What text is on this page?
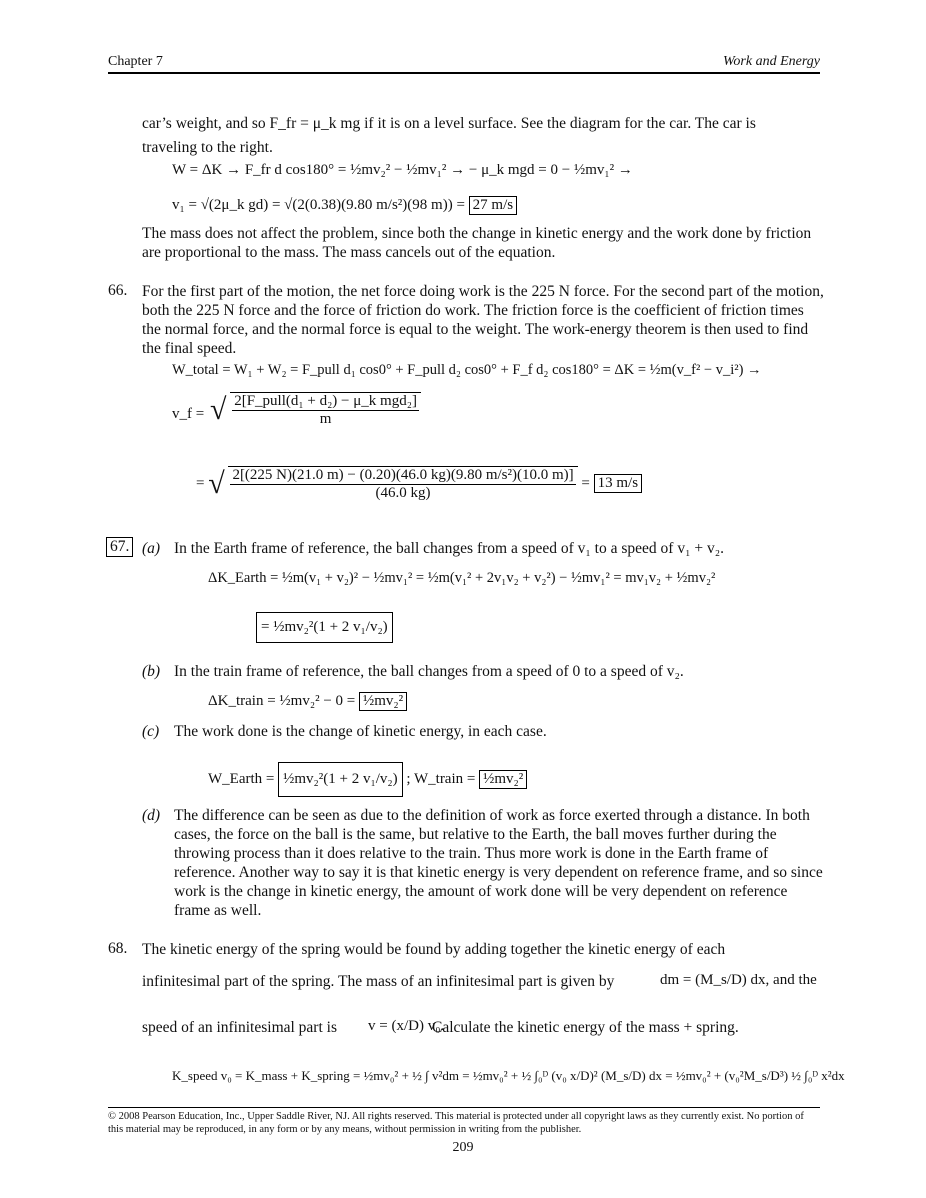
Chapter 7	Work and Energy
car’s weight, and so F_fr = μ_k mg if it is on a level surface. See the diagram for the car. The car is
traveling to the right.
W = ΔK → F_fr d cos180° = ½mv₂² − ½mv₁² → − μ_k mgd = 0 − ½mv₁² →
v₁ = √(2μ_k gd) = √(2(0.38)(9.80 m/s²)(98 m)) = 27 m/s
The mass does not affect the problem, since both the change in kinetic energy and the work done by friction are proportional to the mass. The mass cancels out of the equation.
66. For the first part of the motion, the net force doing work is the 225 N force. For the second part of the motion, both the 225 N force and the force of friction do work. The friction force is the coefficient of friction times the normal force, and the normal force is equal to the weight. The work-energy theorem is then used to find the final speed.
W_total = W₁ + W₂ = F_pull d₁ cos0° + F_pull d₂ cos0° + F_f d₂ cos180° = ΔK = ½m(v_f² − v_i²) →
v_f = √ $\frac{\text{2[F\_pull(d₁ + d₂) − μ\_k mgd₂]}}{m}$
= √ $\frac{\text{2[(225 N)(21.0 m) − (0.20)(46.0 kg)(9.80 m/s²)(10.0 m)]}}{(46.0 kg)} = 13$ m/s
67. (a) In the Earth frame of reference, the ball changes from a speed of v₁ to a speed of v₁ + v₂.
ΔK_Earth = ½m(v₁ + v₂)² − ½mv₁² = ½m(v₁² + 2v₁v₂ + v₂²) − ½mv₁² = mv₁v₂ + ½mv₂²
= ½mv₂²(1 + 2 v₁/v₂)
(b) In the train frame of reference, the ball changes from a speed of 0 to a speed of v₂.
ΔK_train = ½mv₂² − 0 = ½mv₂²
(c) The work done is the change of kinetic energy, in each case.
W_Earth = ½mv₂²(1 + 2 v₁/v₂) ; W_train = ½mv₂²
(d) The difference can be seen as due to the definition of work as force exerted through a distance. In both cases, the force on the ball is the same, but relative to the Earth, the ball moves further during the throwing process than it does relative to the train. Thus more work is done in the Earth frame of reference. Another way to say it is that kinetic energy is very dependent on reference frame, and so since work is the change in kinetic energy, the amount of work done will be very dependent on reference frame as well.
68. The kinetic energy of the spring would be found by adding together the kinetic energy of each
infinitesimal part of the spring. The mass of an infinitesimal part is given by	dm = (M_s/D) dx, and the
speed of an infinitesimal part is v = (x/D) v₀.
Calculate the kinetic energy of the mass + spring.
K_speed v₀ = K_mass + K_spring = ½mv₀² + ½ ∫ v²dm = ½mv₀² + ½ ∫₀ᴰ (v₀ x/D)² (M_s/D) dx = ½mv₀² + (v₀²M_s/D³) ½ ∫₀ᴰ x²dx
© 2008 Pearson Education, Inc., Upper Saddle River, NJ. All rights reserved. This material is protected under all copyright laws as they currently exist. No portion of this material may be reproduced, in any form or by any means, without permission in writing from the publisher.
209
